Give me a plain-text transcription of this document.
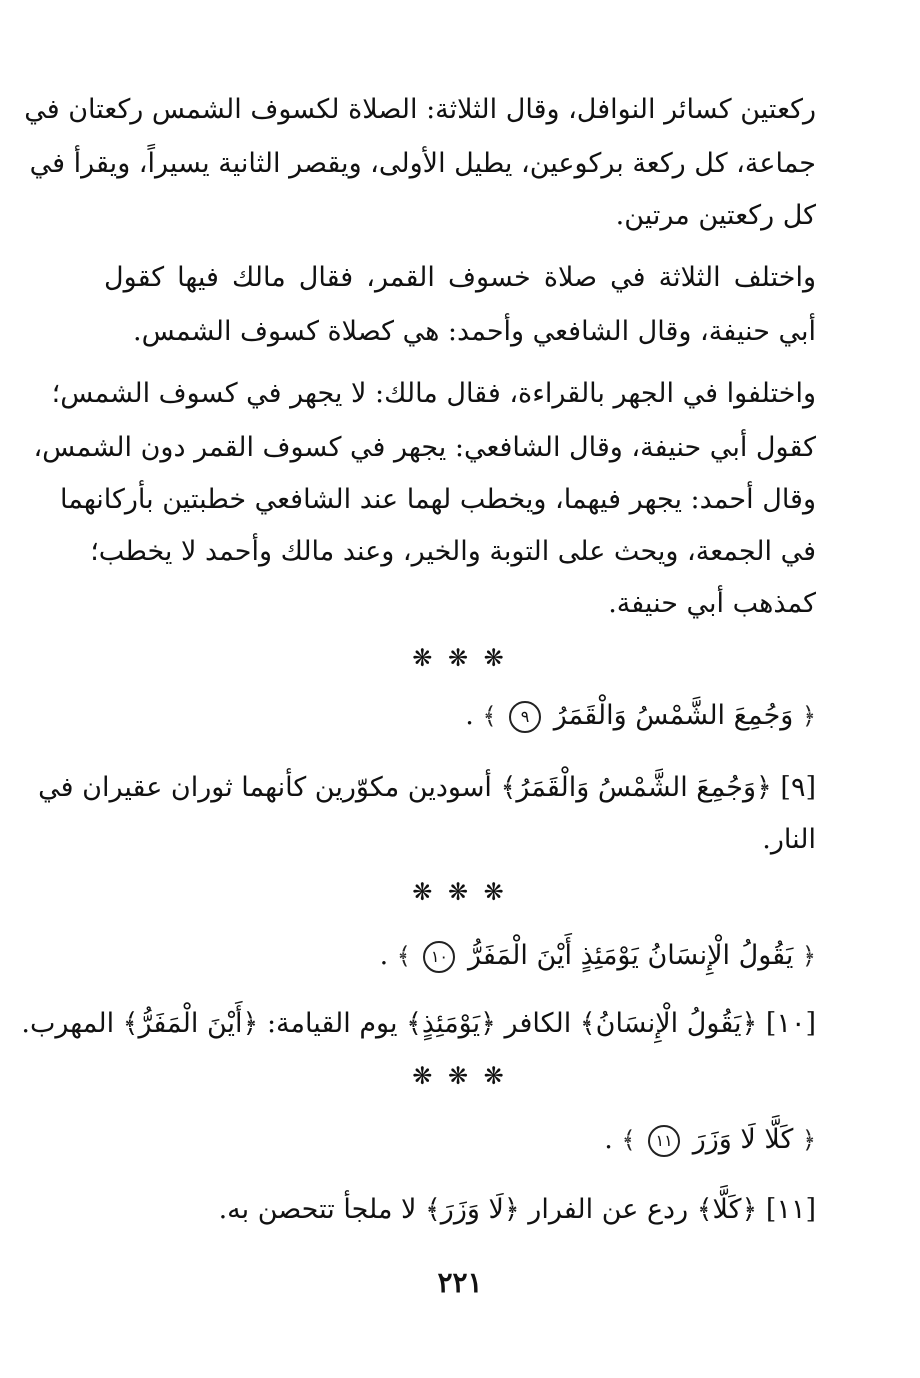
ركعتين كسائر النوافل، وقال الثلاثة: الصلاة لكسوف الشمس ركعتان في
جماعة، كل ركعة بركوعين، يطيل الأولى، ويقصر الثانية يسيراً، ويقرأ في
كل ركعتين مرتين.
واختلف الثلاثة في صلاة خسوف القمر، فقال مالك فيها كقول
أبي حنيفة، وقال الشافعي وأحمد: هي كصلاة كسوف الشمس.
واختلفوا في الجهر بالقراءة، فقال مالك: لا يجهر في كسوف الشمس؛
كقول أبي حنيفة، وقال الشافعي: يجهر في كسوف القمر دون الشمس،
وقال أحمد: يجهر فيهما، ويخطب لهما عند الشافعي خطبتين بأركانهما
في الجمعة، ويحث على التوبة والخير، وعند مالك وأحمد لا يخطب؛
كمذهب أبي حنيفة.
❋ ❋ ❋
﴿ وَجُمِعَ الشَّمْسُ وَالْقَمَرُ ٩ ﴾ .
[٩] ﴿وَجُمِعَ الشَّمْسُ وَالْقَمَرُ﴾ أسودين مكوّرين كأنهما ثوران عقيران في
النار.
❋ ❋ ❋
﴿ يَقُولُ الْإِنسَانُ يَوْمَئِذٍ أَيْنَ الْمَفَرُّ ١٠ ﴾ .
[١٠] ﴿يَقُولُ الْإِنسَانُ﴾ الكافر ﴿يَوْمَئِذٍ﴾ يوم القيامة: ﴿أَيْنَ الْمَفَرُّ﴾ المهرب.
❋ ❋ ❋
﴿ كَلَّا لَا وَزَرَ ١١ ﴾ .
[١١] ﴿كَلَّا﴾ ردع عن الفرار ﴿لَا وَزَرَ﴾ لا ملجأ تتحصن به.
٢٢١
